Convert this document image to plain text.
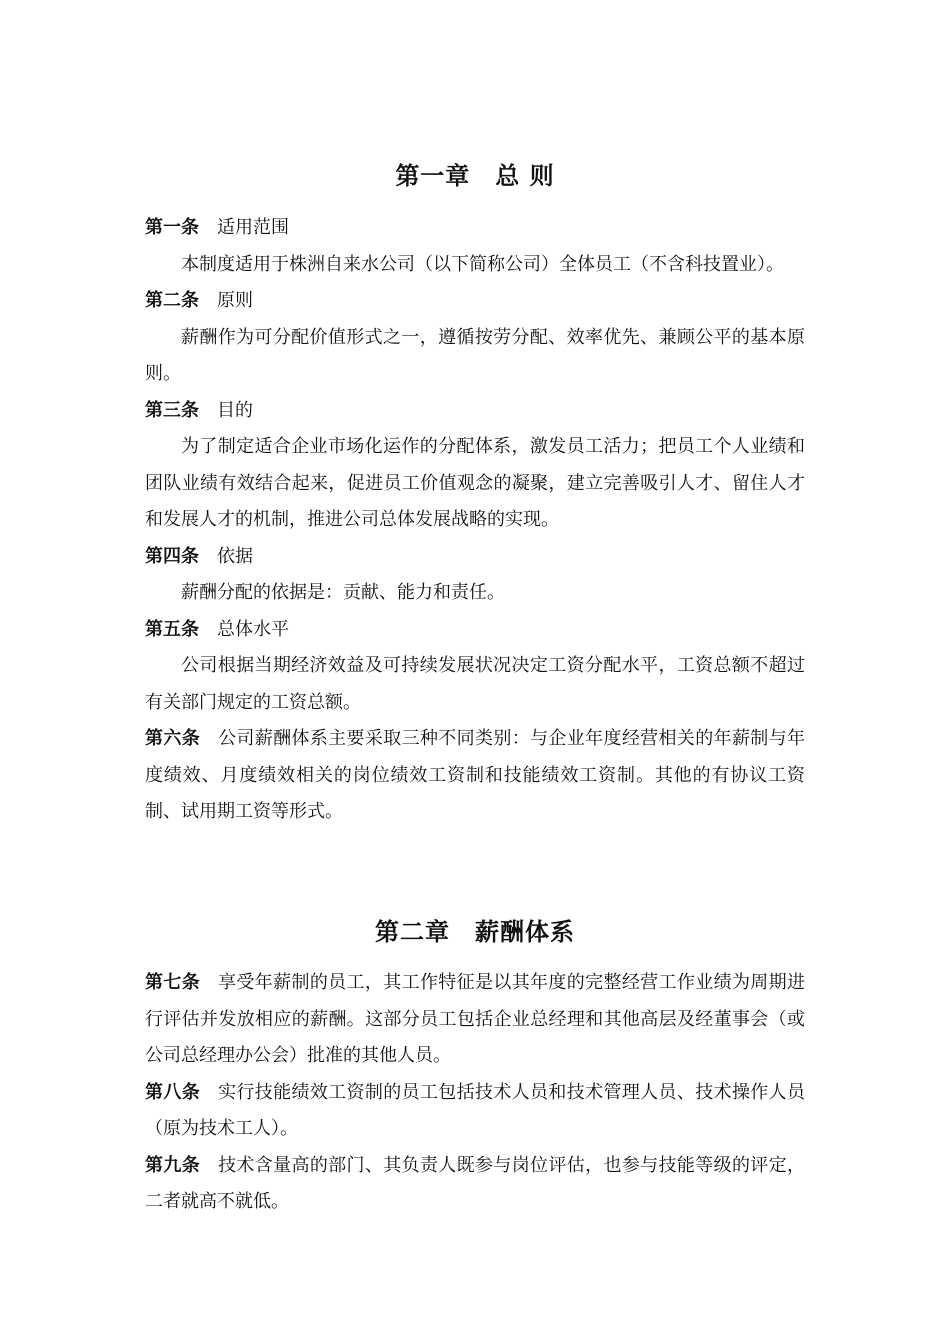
第一章　总 则

第一条 适用范围

本制度适用于株洲自来水公司（以下简称公司）全体员工（不含科技置业）。

第二条 原则

薪酬作为可分配价值形式之一，遵循按劳分配、效率优先、兼顾公平的基本原则。

第三条 目的

为了制定适合企业市场化运作的分配体系，激发员工活力；把员工个人业绩和团队业绩有效结合起来，促进员工价值观念的凝聚，建立完善吸引人才、留住人才和发展人才的机制，推进公司总体发展战略的实现。

第四条 依据

薪酬分配的依据是：贡献、能力和责任。

第五条 总体水平

公司根据当期经济效益及可持续发展状况决定工资分配水平，工资总额不超过有关部门规定的工资总额。

第六条 公司薪酬体系主要采取三种不同类别：与企业年度经营相关的年薪制与年度绩效、月度绩效相关的岗位绩效工资制和技能绩效工资制。其他的有协议工资制、试用期工资等形式。

第二章　薪酬体系

第七条 享受年薪制的员工，其工作特征是以其年度的完整经营工作业绩为周期进行评估并发放相应的薪酬。这部分员工包括企业总经理和其他高层及经董事会（或公司总经理办公会）批准的其他人员。

第八条 实行技能绩效工资制的员工包括技术人员和技术管理人员、技术操作人员（原为技术工人）。

第九条 技术含量高的部门、其负责人既参与岗位评估，也参与技能等级的评定，二者就高不就低。
